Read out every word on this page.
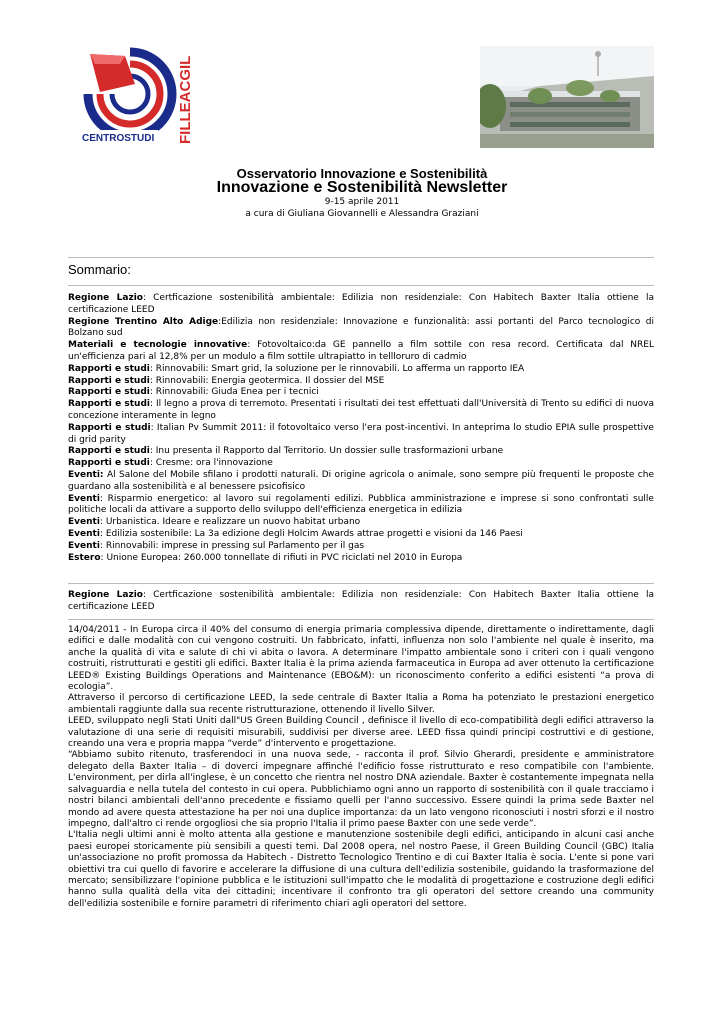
CENTROSTUDI FILLEACGIL
Osservatorio Innovazione e Sostenibilità
Innovazione e Sostenibilità Newsletter
9-15 aprile 2011
a cura di Giuliana Giovannelli e Alessandra Graziani
Sommario:
Regione Lazio: Certficazione sostenibilità ambientale: Edilizia non residenziale: Con Habitech Baxter Italia ottiene la certificazione LEED
Regione Trentino Alto Adige:Edilizia non residenziale: Innovazione e funzionalità: assi portanti del Parco tecnologico di Bolzano sud
Materiali e tecnologie innovative: Fotovoltaico:da GE pannello a film sottile con resa record. Certificata dal NREL un'efficienza pari al 12,8% per un modulo a film sottile ultrapiatto in tellloruro di cadmio
Rapporti e studi: Rinnovabili: Smart grid, la soluzione per le rinnovabili. Lo afferma un rapporto IEA
Rapporti e studi: Rinnovabili: Energia geotermica. Il dossier del MSE
Rapporti e studi: Rinnovabili: Giuda Enea per i tecnici
Rapporti e studi: Il legno a prova di terremoto. Presentati i risultati dei test effettuati dall'Università di Trento su edifici di nuova concezione interamente in legno
Rapporti e studi: Italian Pv Summit 2011: il fotovoltaico verso l'era post-incentivi. In anteprima lo studio EPIA sulle prospettive di grid parity
Rapporti e studi: Inu presenta il Rapporto dal Territorio. Un dossier sulle trasformazioni urbane
Rapporti e studi: Cresme: ora l'innovazione
Eventi: Al Salone del Mobile sfilano i prodotti naturali. Di origine agricola o animale, sono sempre più frequenti le proposte che guardano alla sostenibilità e al benessere psicofisico
Eventi: Risparmio energetico: al lavoro sui regolamenti edilizi. Pubblica amministrazione e imprese si sono confrontati sulle politiche locali da attivare a supporto dello sviluppo dell'efficienza energetica in edilizia
Eventi: Urbanistica. Ideare e realizzare un nuovo habitat urbano
Eventi: Edilizia sostenibile: La 3a edizione degli Holcim Awards attrae progetti e visioni da 146 Paesi
Eventi: Rinnovabili: imprese in pressing sul Parlamento per il gas
Estero: Unione Europea: 260.000 tonnellate di rifiuti in PVC riciclati nel 2010 in Europa
Regione Lazio: Certficazione sostenibilità ambientale: Edilizia non residenziale: Con Habitech Baxter Italia ottiene la certificazione LEED

14/04/2011 - In Europa circa il 40% del consumo di energia primaria complessiva dipende, direttamente o indirettamente, dagli edifici e dalle modalità con cui vengono costruiti. Un fabbricato, infatti, influenza non solo l'ambiente nel quale è inserito, ma anche la qualità di vita e salute di chi vi abita o lavora. A determinare l'impatto ambientale sono i criteri con i quali vengono costruiti, ristrutturati e gestiti gli edifici. Baxter Italia è la prima azienda farmaceutica in Europa ad aver ottenuto la certificazione LEED® Existing Buildings Operations and Maintenance (EBO&M): un riconoscimento conferito a edifici esistenti “a prova di ecologia”.

Attraverso il percorso di certificazione LEED, la sede centrale di Baxter Italia a Roma ha potenziato le prestazioni energetico ambientali raggiunte dalla sua recente ristrutturazione, ottenendo il livello Silver.

LEED, sviluppato negli Stati Uniti dall"US Green Building Council , definisce il livello di eco-compatibilità degli edifici attraverso la valutazione di una serie di requisiti misurabili, suddivisi per diverse aree. LEED fissa quindi principi costruttivi e di gestione, creando una vera e propria mappa “verde” d'intervento e progettazione.

“Abbiamo subito ritenuto, trasferendoci in una nuova sede, - racconta il prof. Silvio Gherardi, presidente e amministratore delegato della Baxter Italia – di doverci impegnare affinché l'edificio fosse ristrutturato e reso compatibile con l'ambiente. L'environment, per dirla all'inglese, è un concetto che rientra nel nostro DNA aziendale. Baxter è costantemente impegnata nella salvaguardia e nella tutela del contesto in cui opera. Pubblichiamo ogni anno un rapporto di sostenibilità con il quale tracciamo i nostri bilanci ambientali dell'anno precedente e fissiamo quelli per l'anno successivo. Essere quindi la prima sede Baxter nel mondo ad avere questa attestazione ha per noi una duplice importanza: da un lato vengono riconosciuti i nostri sforzi e il nostro impegno, dall'altro ci rende orgogliosi che sia proprio l'Italia il primo paese Baxter con une sede verde”.

L'Italia negli ultimi anni è molto attenta alla gestione e manutenzione sostenibile degli edifici, anticipando in alcuni casi anche paesi europei storicamente più sensibili a questi temi. Dal 2008 opera, nel nostro Paese, il Green Building Council (GBC) Italia un'associazione no profit promossa da Habitech - Distretto Tecnologico Trentino e di cui Baxter Italia è socia. L'ente si pone vari obiettivi tra cui quello di favorire e accelerare la diffusione di una cultura dell'edilizia sostenibile, guidando la trasformazione del mercato; sensibilizzare l'opinione pubblica e le istituzioni sull'impatto che le modalità di progettazione e costruzione degli edifici hanno sulla qualità della vita dei cittadini; incentivare il confronto tra gli operatori del settore creando una community dell'edilizia sostenibile e fornire parametri di riferimento chiari agli operatori del settore.
